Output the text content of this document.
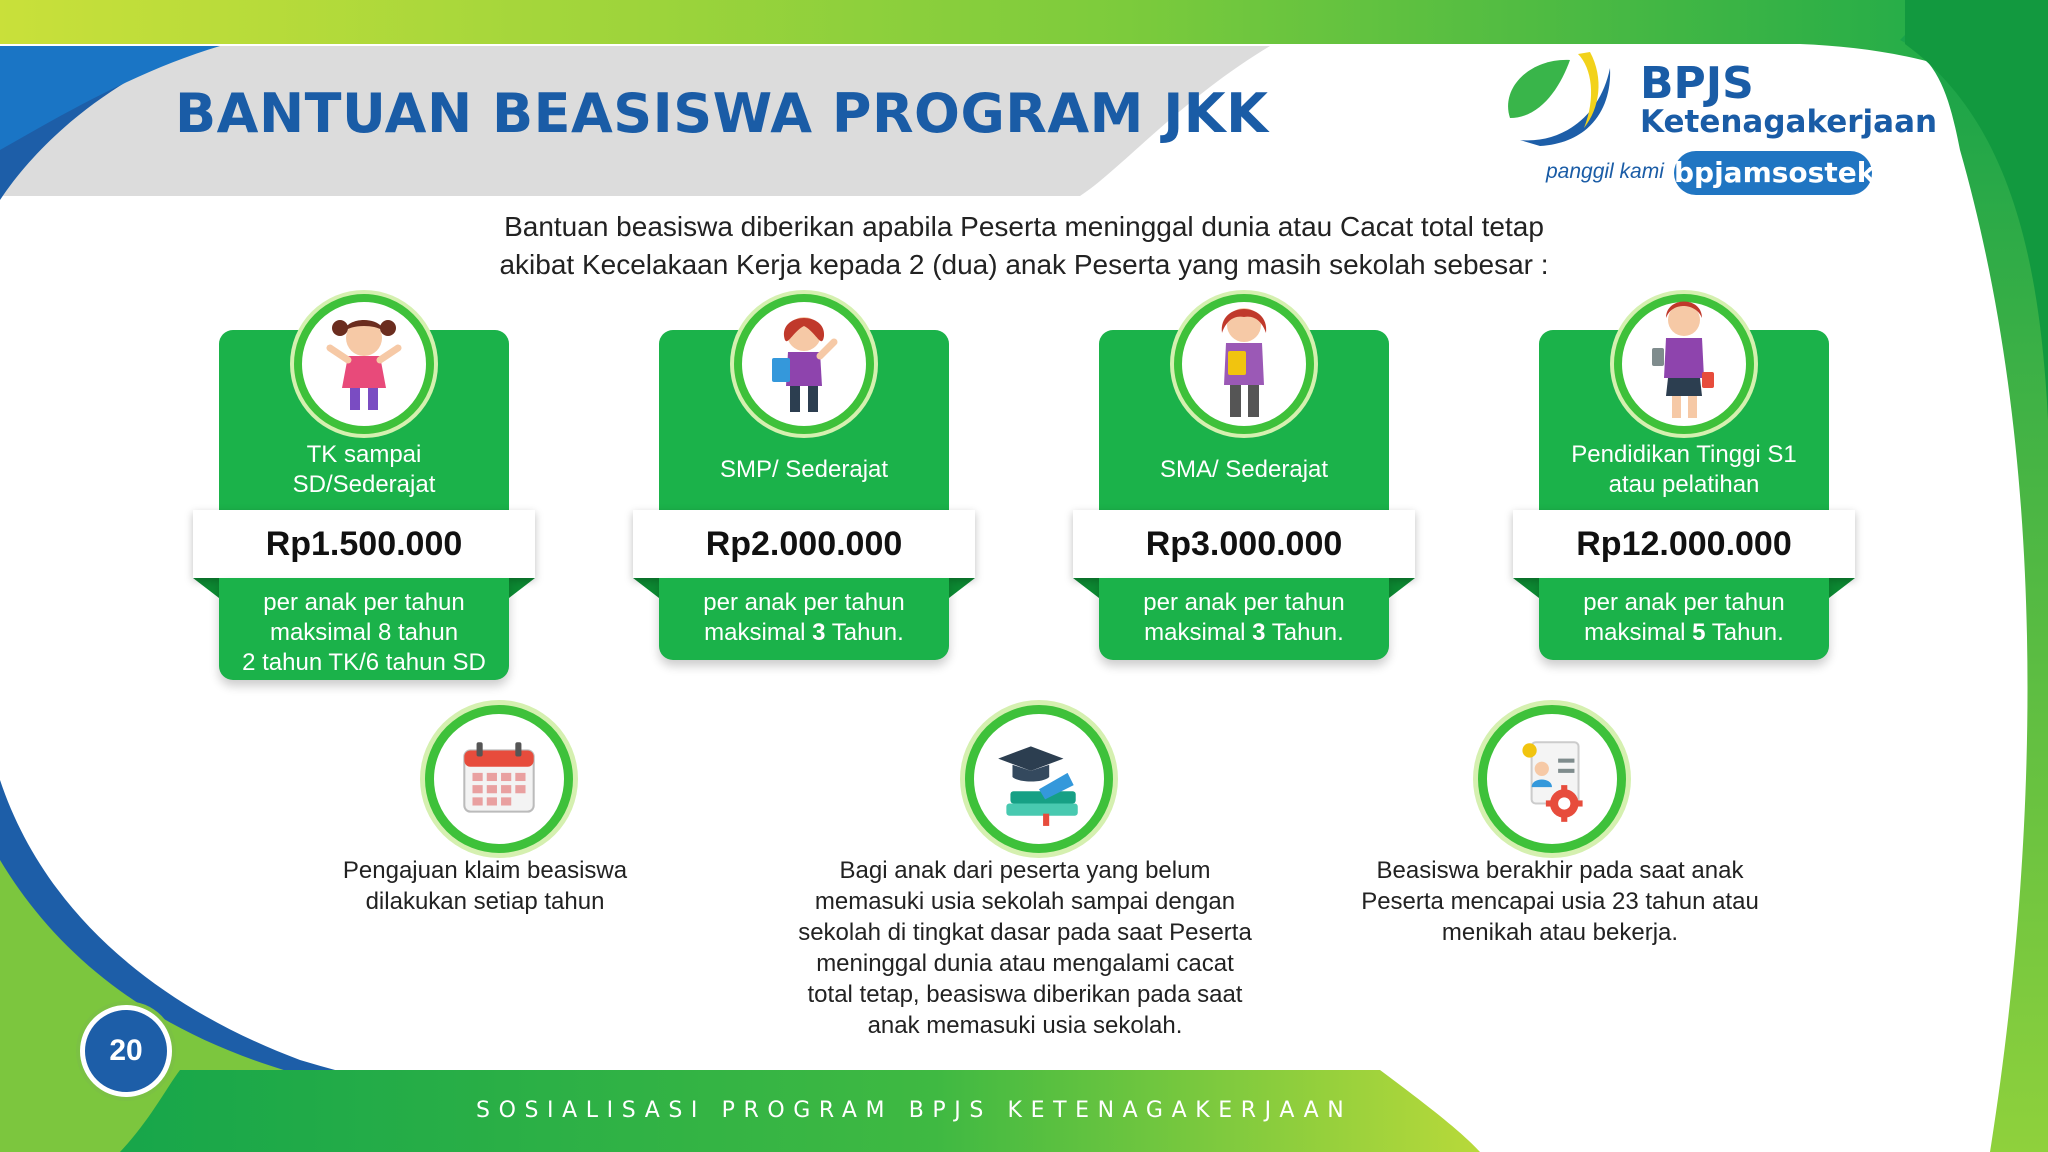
BANTUAN BEASISWA PROGRAM JKK	BPJS
Ketenagakerjaan
panggil kami bpjamsostek
Bantuan beasiswa diberikan apabila Peserta meninggal dunia atau Cacat total tetap
akibat Kecelakaan Kerja kepada 2 (dua) anak Peserta yang masih sekolah sebesar :
TK sampai
SD/Sederajat
Rp1.500.000
per anak per tahun
maksimal 8 tahun
2 tahun TK/6 tahun SD
SMP/ Sederajat
Rp2.000.000
per anak per tahun
maksimal 3 Tahun.
SMA/ Sederajat
Rp3.000.000
per anak per tahun
maksimal 3 Tahun.
Pendidikan Tinggi S1
atau pelatihan
Rp12.000.000
per anak per tahun
maksimal 5 Tahun.
Pengajuan klaim beasiswa
dilakukan setiap tahun
Bagi anak dari peserta yang belum
memasuki usia sekolah sampai dengan
sekolah di tingkat dasar pada saat Peserta
meninggal dunia atau mengalami cacat
total tetap, beasiswa diberikan pada saat
anak memasuki usia sekolah.
Beasiswa berakhir pada saat anak
Peserta mencapai usia 23 tahun atau
menikah atau bekerja.
20
SOSIALISASI PROGRAM BPJS KETENAGAKERJAAN
